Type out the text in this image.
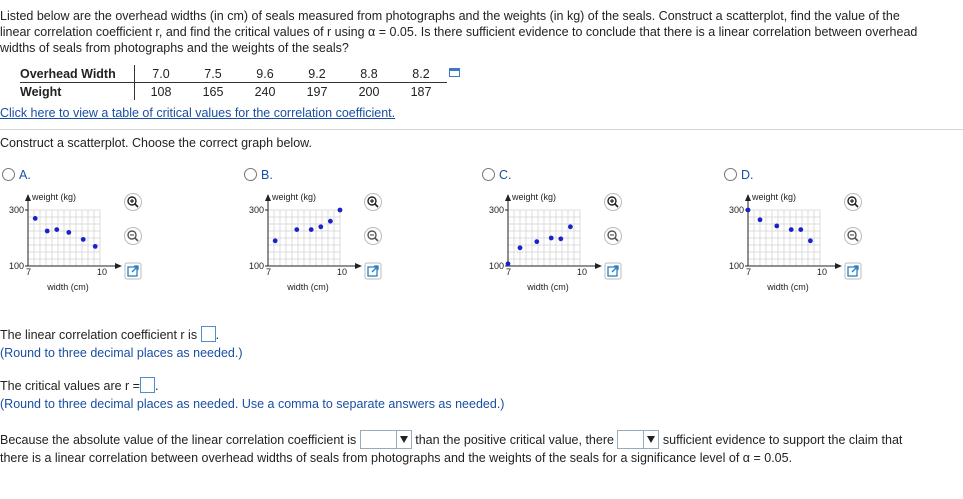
Listed below are the overhead widths (in cm) of seals measured from photographs and the weights (in kg) of the seals. Construct a scatterplot, find the value of the
linear correlation coefficient r, and find the critical values of r using α = 0.05. Is there sufficient evidence to conclude that there is a linear correlation between overhead
widths of seals from photographs and the weights of the seals?
Overhead Width	7.0	7.5	9.6	9.2	8.8	8.2
Weight	108	165	240	197	200	187
Click here to view a table of critical values for the correlation coefficient.
Construct a scatterplot. Choose the correct graph below.
A.	B.	C.	D.
weight (kg)
300
100
7	10
width (cm)
weight (kg)
300
100
7	10
width (cm)
weight (kg)
300
100
7	10
width (cm)
weight (kg)
300
100
7	10
width (cm)
The linear correlation coefficient r is .
(Round to three decimal places as needed.)
The critical values are r = .
(Round to three decimal places as needed. Use a comma to separate answers as needed.)
Because the absolute value of the linear correlation coefficient is	than the positive critical value, there	sufficient evidence to support the claim that
there is a linear correlation between overhead widths of seals from photographs and the weights of the seals for a significance level of α = 0.05.
